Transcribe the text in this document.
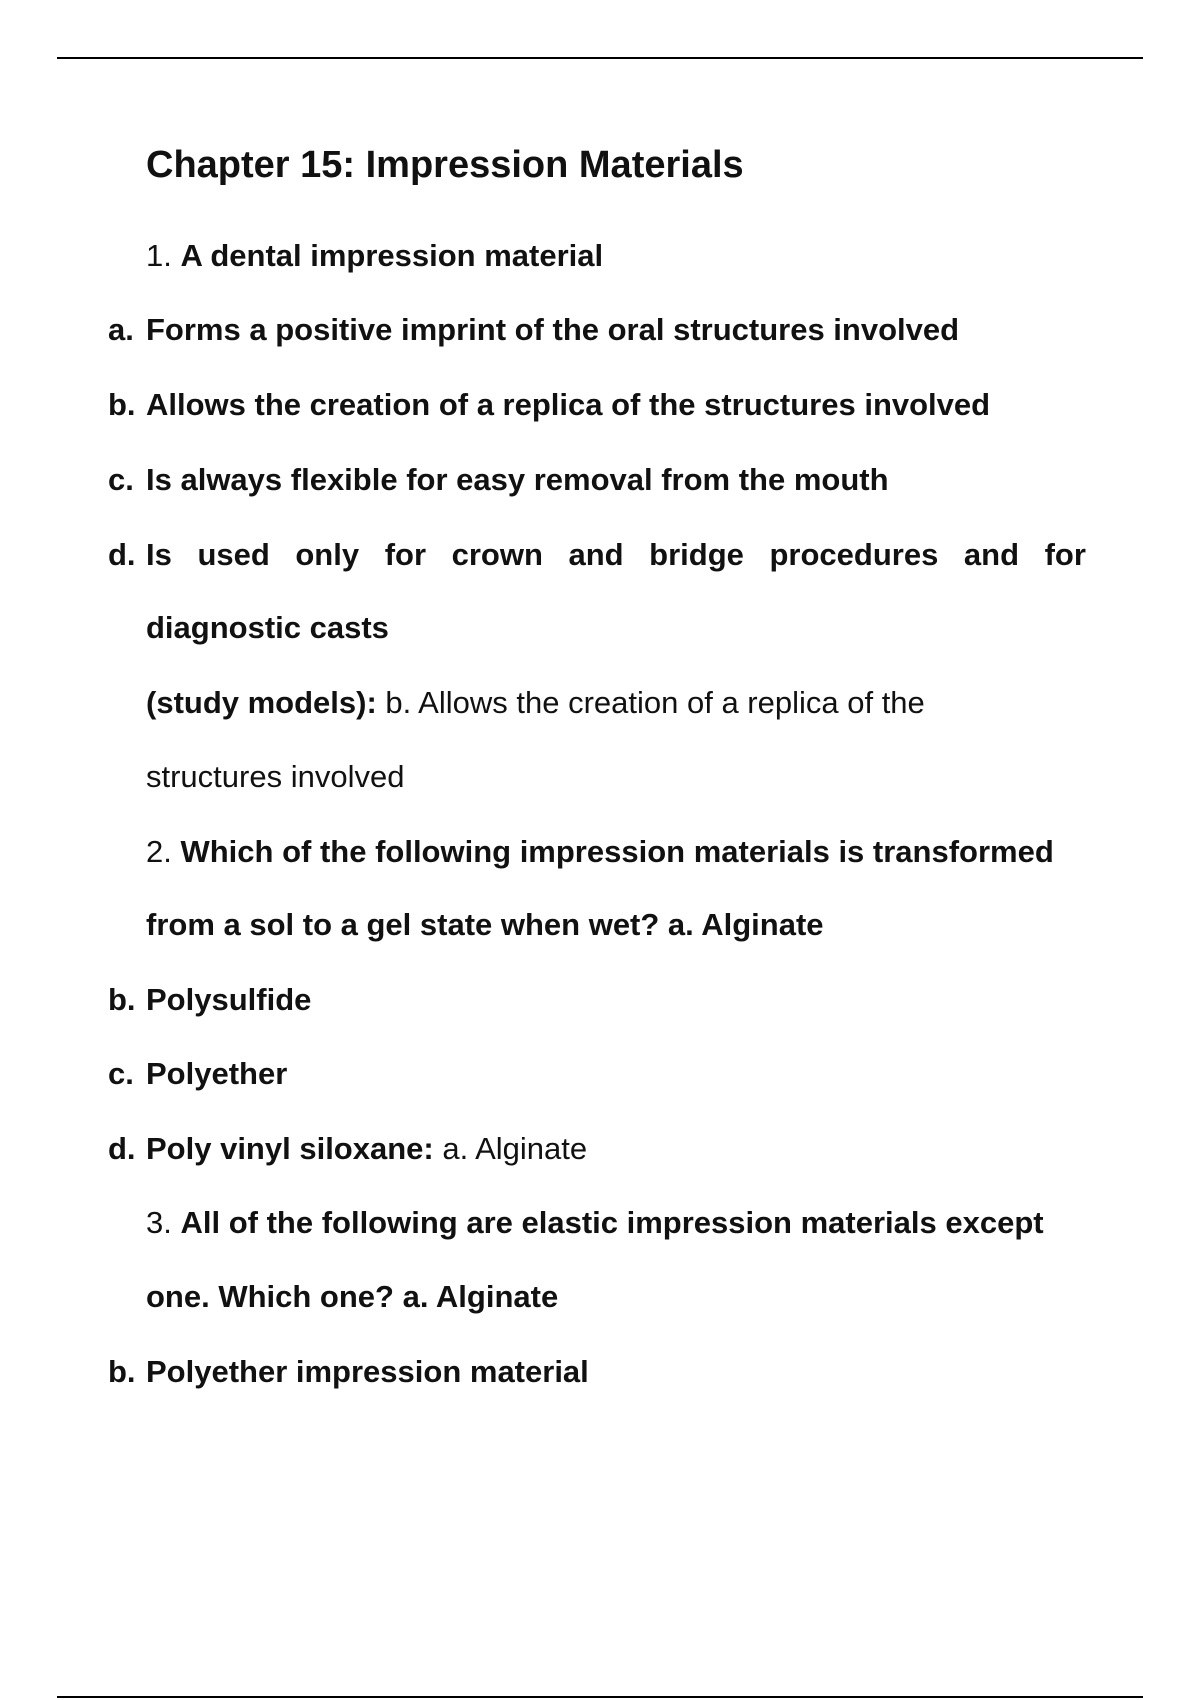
Chapter 15: Impression Materials
1. A dental impression material
a. Forms a positive imprint of the oral structures involved
b. Allows the creation of a replica of the structures involved
c. Is always flexible for easy removal from the mouth
d. Is used only for crown and bridge procedures and for
diagnostic casts
(study models): b. Allows the creation of a replica of the
structures involved
2. Which of the following impression materials is transformed
from a sol to a gel state when wet? a. Alginate
b. Polysulfide
c. Polyether
d. Poly vinyl siloxane: a. Alginate
3. All of the following are elastic impression materials except
one. Which one? a. Alginate
b. Polyether impression material
